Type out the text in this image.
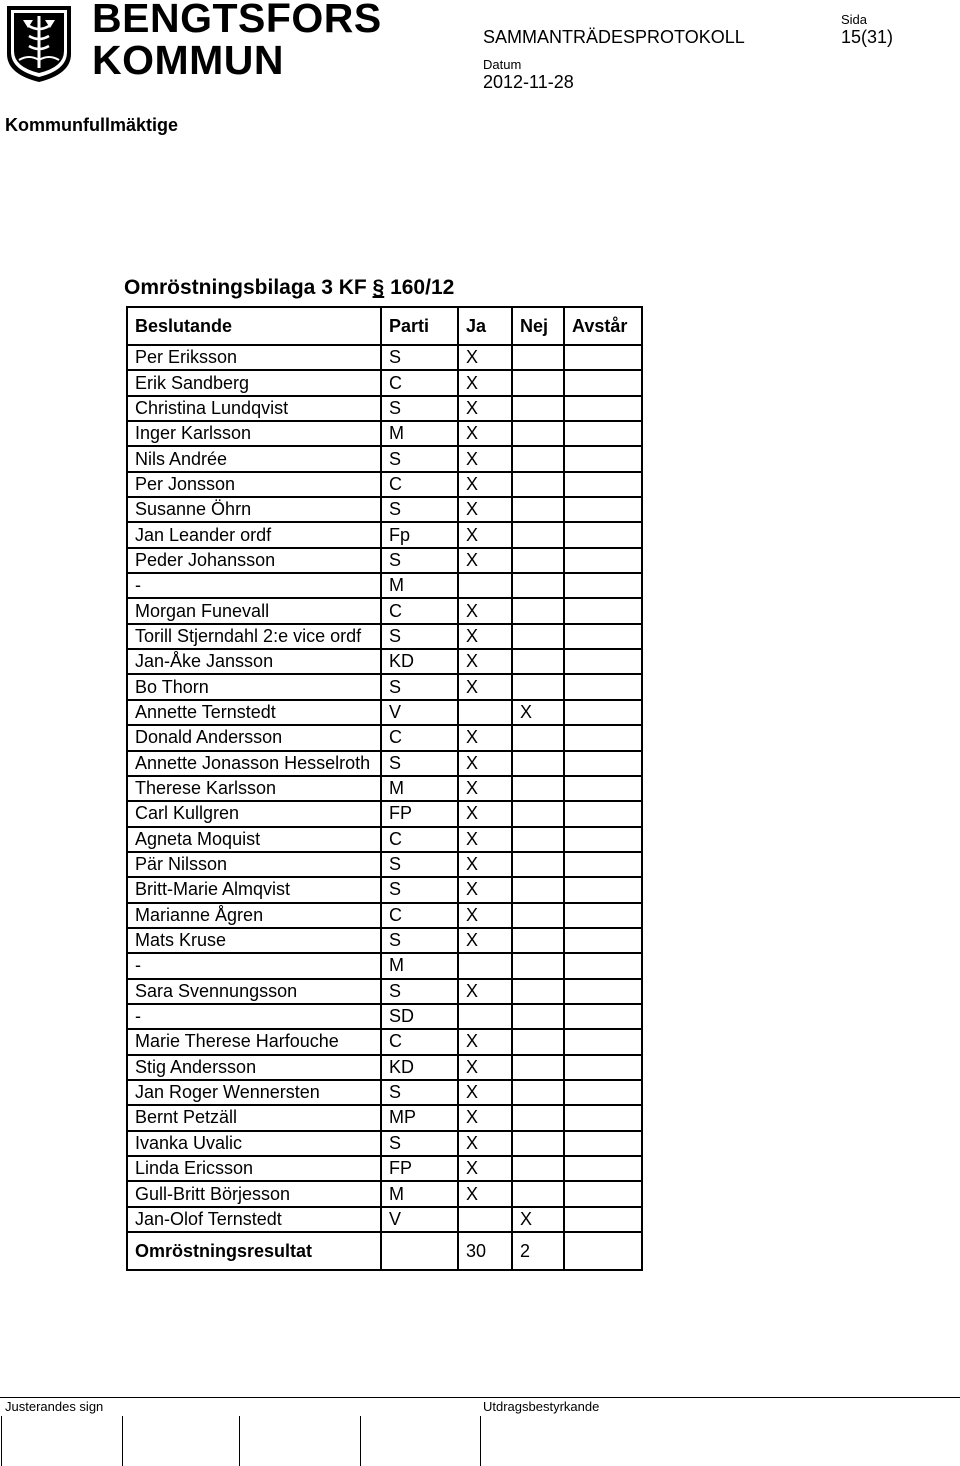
BENGTSFORS
KOMMUN	SAMMANTRÄDESPROTOKOLL
Datum
2012-11-28
Sida
15(31)
Kommunfullmäktige
Omröstningsbilaga 3 KF § 160/12
Beslutande	Parti	Ja	Nej	Avstår
Per Eriksson	S	X		
Erik Sandberg	C	X		
Christina Lundqvist	S	X		
Inger Karlsson	M	X		
Nils Andrée	S	X		
Per Jonsson	C	X		
Susanne Öhrn	S	X		
Jan Leander ordf	Fp	X		
Peder Johansson	S	X		
-	M			
Morgan Funevall	C	X		
Torill Stjerndahl 2:e vice ordf	S	X		
Jan-Åke Jansson	KD	X		
Bo Thorn	S	X		
Annette Ternstedt	V		X	
Donald Andersson	C	X		
Annette Jonasson Hesselroth	S	X		
Therese Karlsson	M	X		
Carl Kullgren	FP	X		
Agneta Moquist	C	X		
Pär Nilsson	S	X		
Britt-Marie Almqvist	S	X		
Marianne Ågren	C	X		
Mats Kruse	S	X		
-	M			
Sara Svennungsson	S	X		
-	SD			
Marie Therese Harfouche	C	X		
Stig Andersson	KD	X		
Jan Roger Wennersten	S	X		
Bernt Petzäll	MP	X		
Ivanka Uvalic	S	X		
Linda Ericsson	FP	X		
Gull-Britt Börjesson	M	X		
Jan-Olof Ternstedt	V		X	
Omröstningsresultat		30	2	
Justerandes sign	Utdragsbestyrkande
